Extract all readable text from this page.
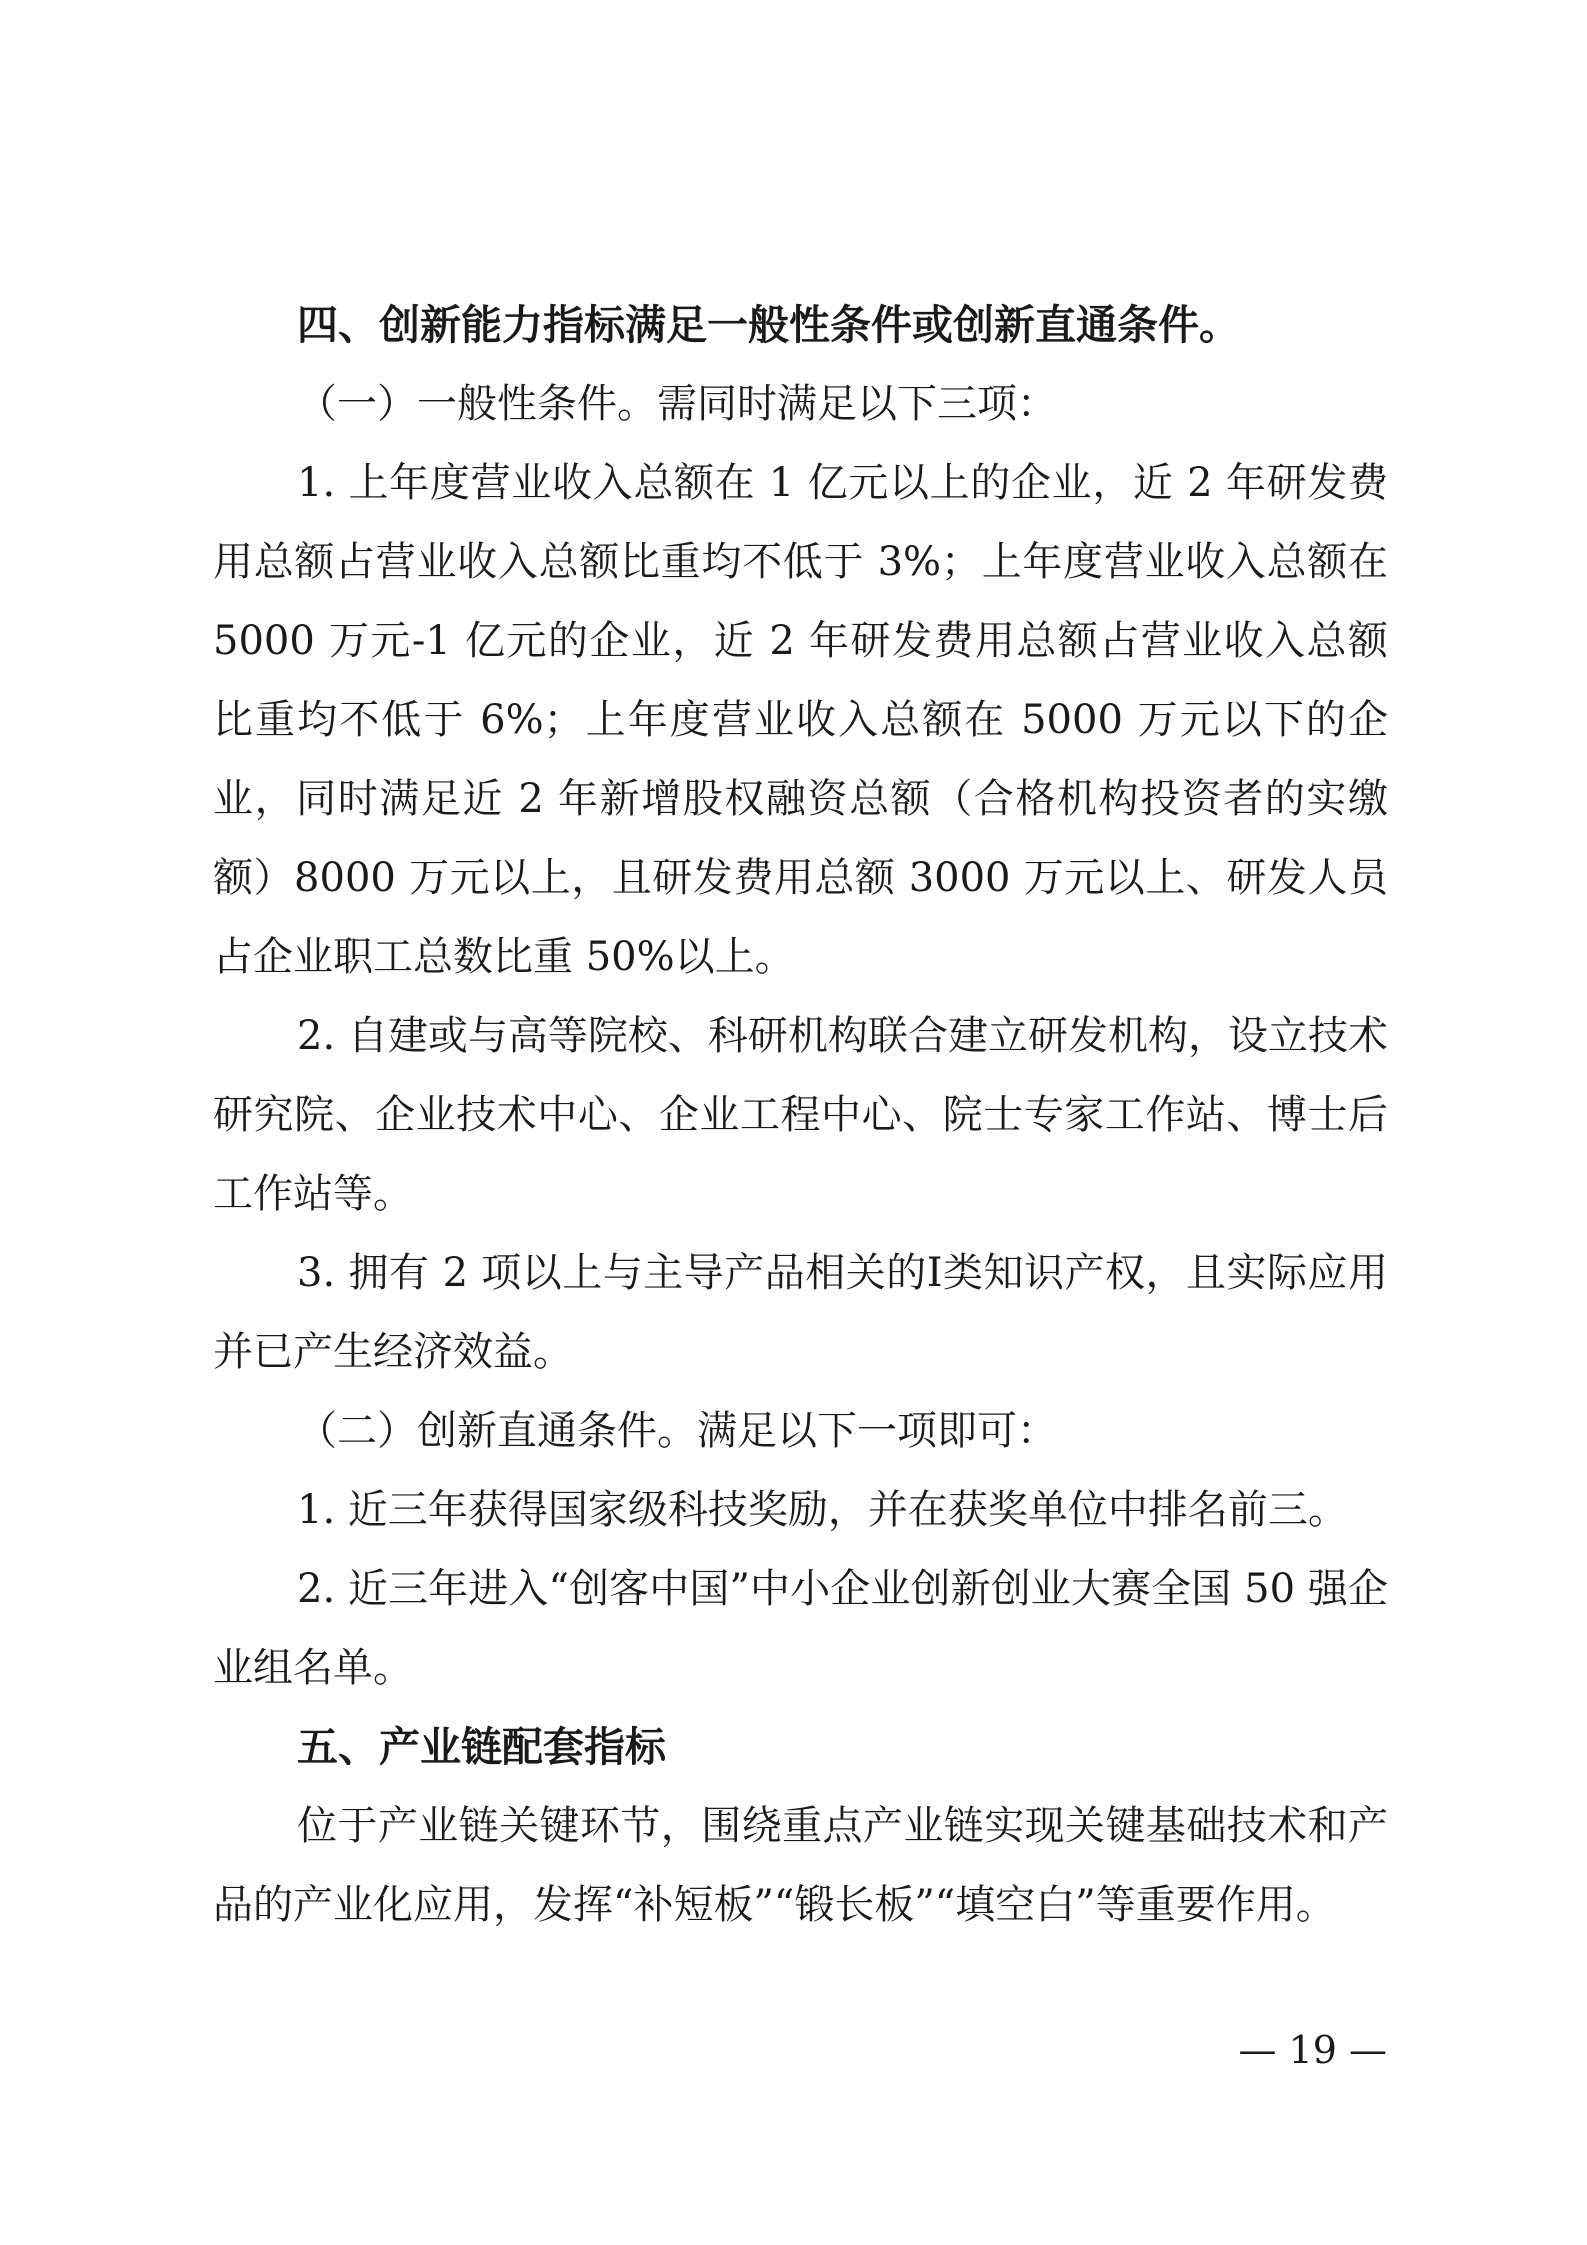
四、创新能力指标满足一般性条件或创新直通条件。

（一）一般性条件。需同时满足以下三项：

1. 上年度营业收入总额在 1 亿元以上的企业，近 2 年研发费用总额占营业收入总额比重均不低于 3%；上年度营业收入总额在 5000 万元-1 亿元的企业，近 2 年研发费用总额占营业收入总额比重均不低于 6%；上年度营业收入总额在 5000 万元以下的企业，同时满足近 2 年新增股权融资总额（合格机构投资者的实缴额）8000 万元以上，且研发费用总额 3000 万元以上、研发人员占企业职工总数比重 50%以上。

2. 自建或与高等院校、科研机构联合建立研发机构，设立技术研究院、企业技术中心、企业工程中心、院士专家工作站、博士后工作站等。

3. 拥有 2 项以上与主导产品相关的Ⅰ类知识产权，且实际应用并已产生经济效益。

（二）创新直通条件。满足以下一项即可：

1. 近三年获得国家级科技奖励，并在获奖单位中排名前三。

2. 近三年进入“创客中国”中小企业创新创业大赛全国 50 强企业组名单。

五、产业链配套指标

位于产业链关键环节，围绕重点产业链实现关键基础技术和产品的产业化应用，发挥“补短板”“锻长板”“填空白”等重要作用。

— 19 —
